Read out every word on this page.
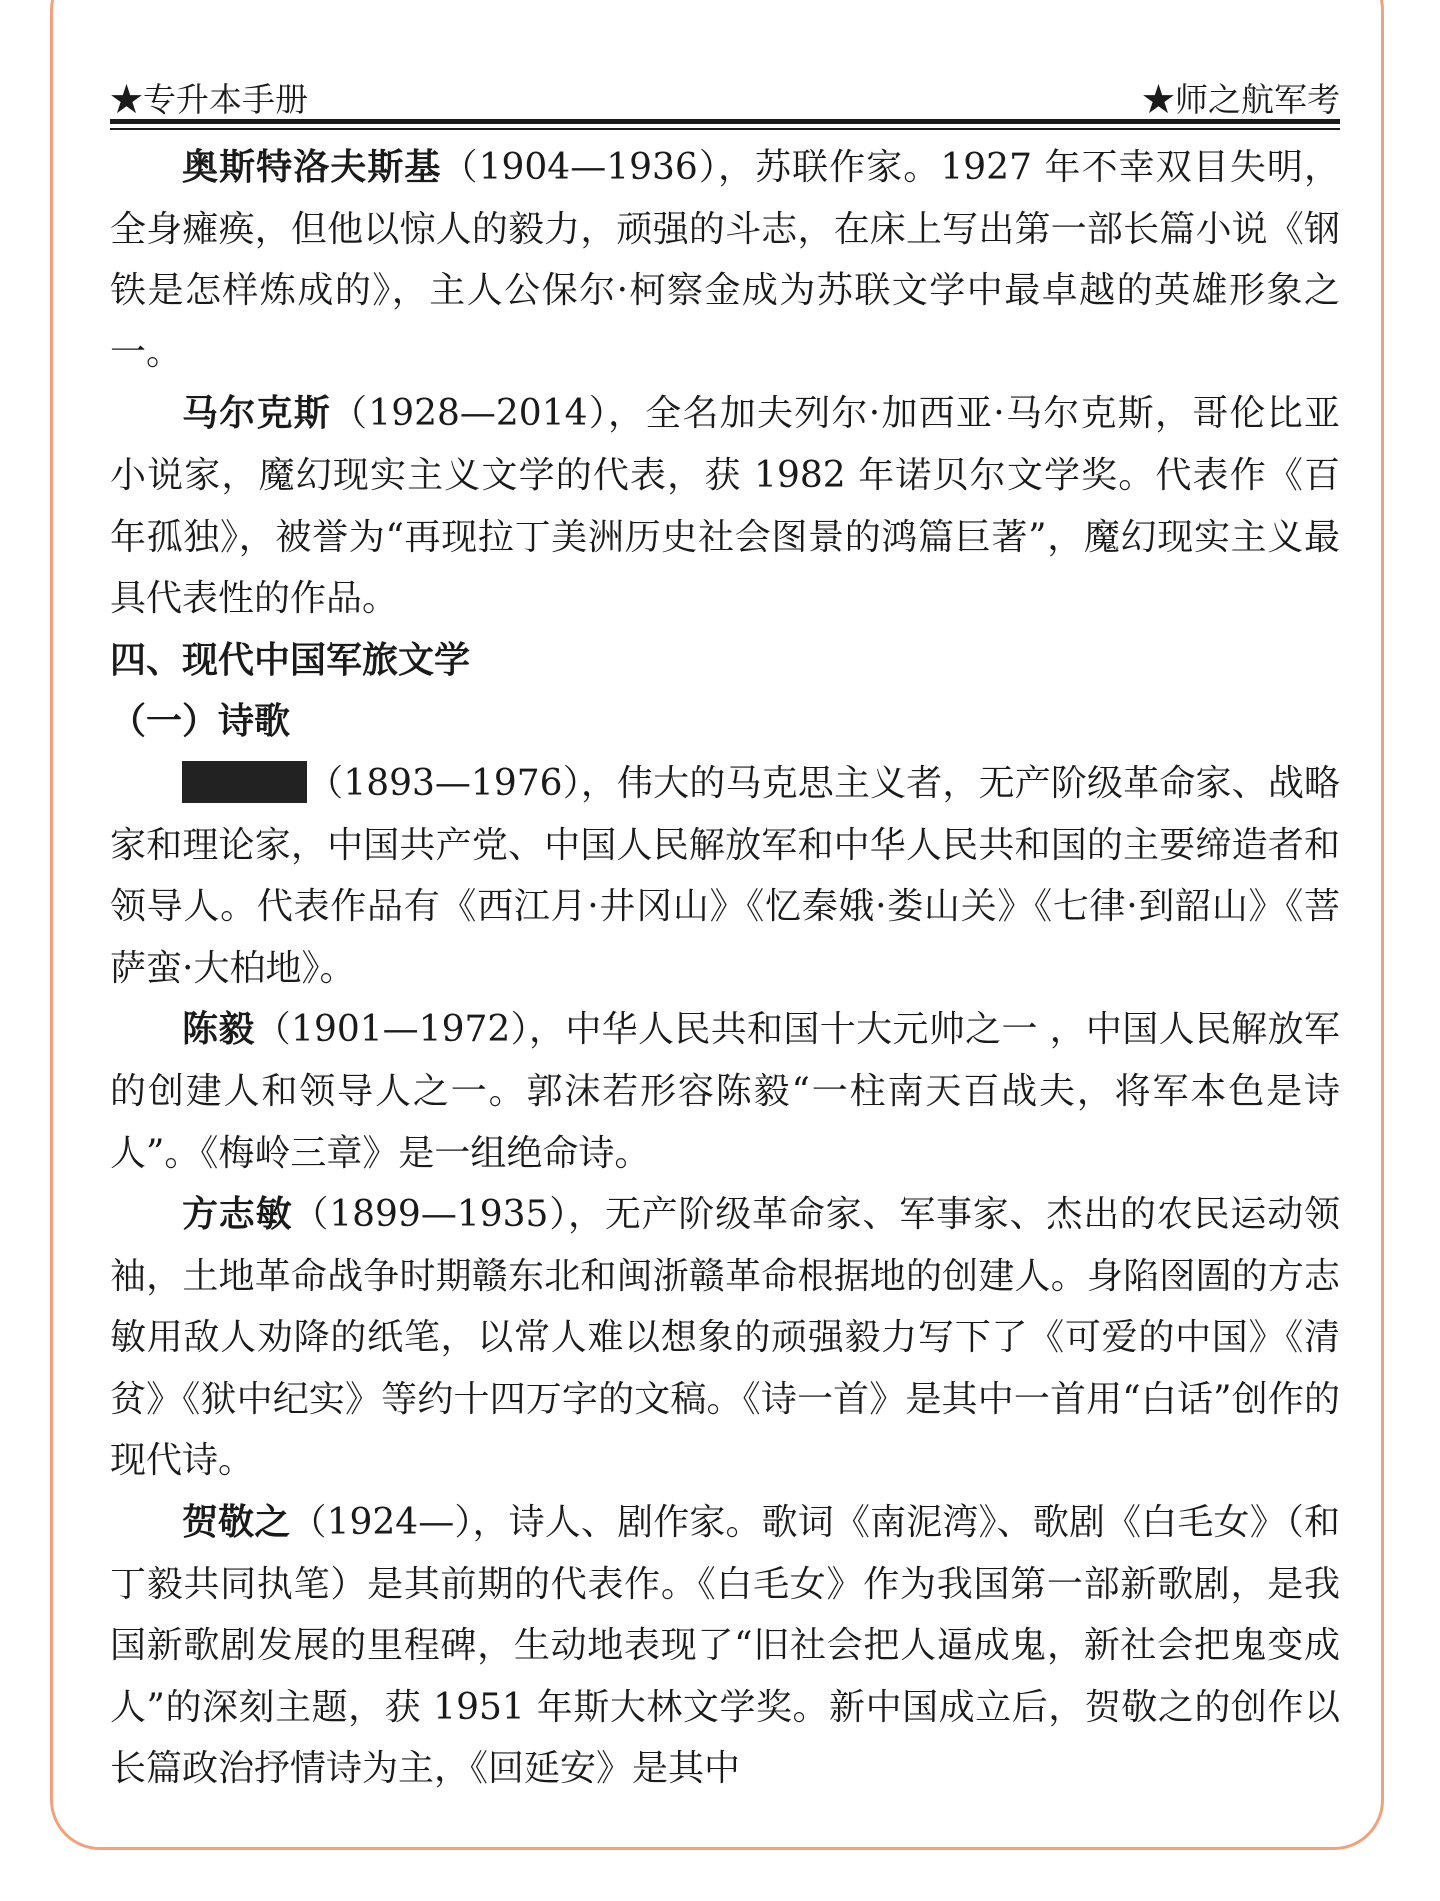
★专升本手册	★师之航军考

奥斯特洛夫斯基（1904—1936），苏联作家。1927 年不幸双目失明，全身瘫痪，但他以惊人的毅力，顽强的斗志，在床上写出第一部长篇小说《钢铁是怎样炼成的》，主人公保尔·柯察金成为苏联文学中最卓越的英雄形象之一。

马尔克斯（1928—2014），全名加夫列尔·加西亚·马尔克斯，哥伦比亚小说家，魔幻现实主义文学的代表，获 1982 年诺贝尔文学奖。代表作《百年孤独》，被誉为“再现拉丁美洲历史社会图景的鸿篇巨著”，魔幻现实主义最具代表性的作品。

四、现代中国军旅文学
（一）诗歌

（1893—1976），伟大的马克思主义者，无产阶级革命家、战略家和理论家，中国共产党、中国人民解放军和中华人民共和国的主要缔造者和领导人。代表作品有《西江月·井冈山》《忆秦娥·娄山关》《七律·到韶山》《菩萨蛮·大柏地》。

陈毅（1901—1972），中华人民共和国十大元帅之一 ，中国人民解放军的创建人和领导人之一。郭沫若形容陈毅“一柱南天百战夫，将军本色是诗人”。《梅岭三章》是一组绝命诗。

方志敏（1899—1935），无产阶级革命家、军事家、杰出的农民运动领袖，土地革命战争时期赣东北和闽浙赣革命根据地的创建人。身陷囹圄的方志敏用敌人劝降的纸笔，以常人难以想象的顽强毅力写下了《可爱的中国》《清贫》《狱中纪实》等约十四万字的文稿。《诗一首》是其中一首用“白话”创作的现代诗。

贺敬之（1924—），诗人、剧作家。歌词《南泥湾》、歌剧《白毛女》（和丁毅共同执笔）是其前期的代表作。《白毛女》作为我国第一部新歌剧，是我国新歌剧发展的里程碑，生动地表现了“旧社会把人逼成鬼，新社会把鬼变成人”的深刻主题，获 1951 年斯大林文学奖。新中国成立后，贺敬之的创作以长篇政治抒情诗为主，《回延安》是其中
